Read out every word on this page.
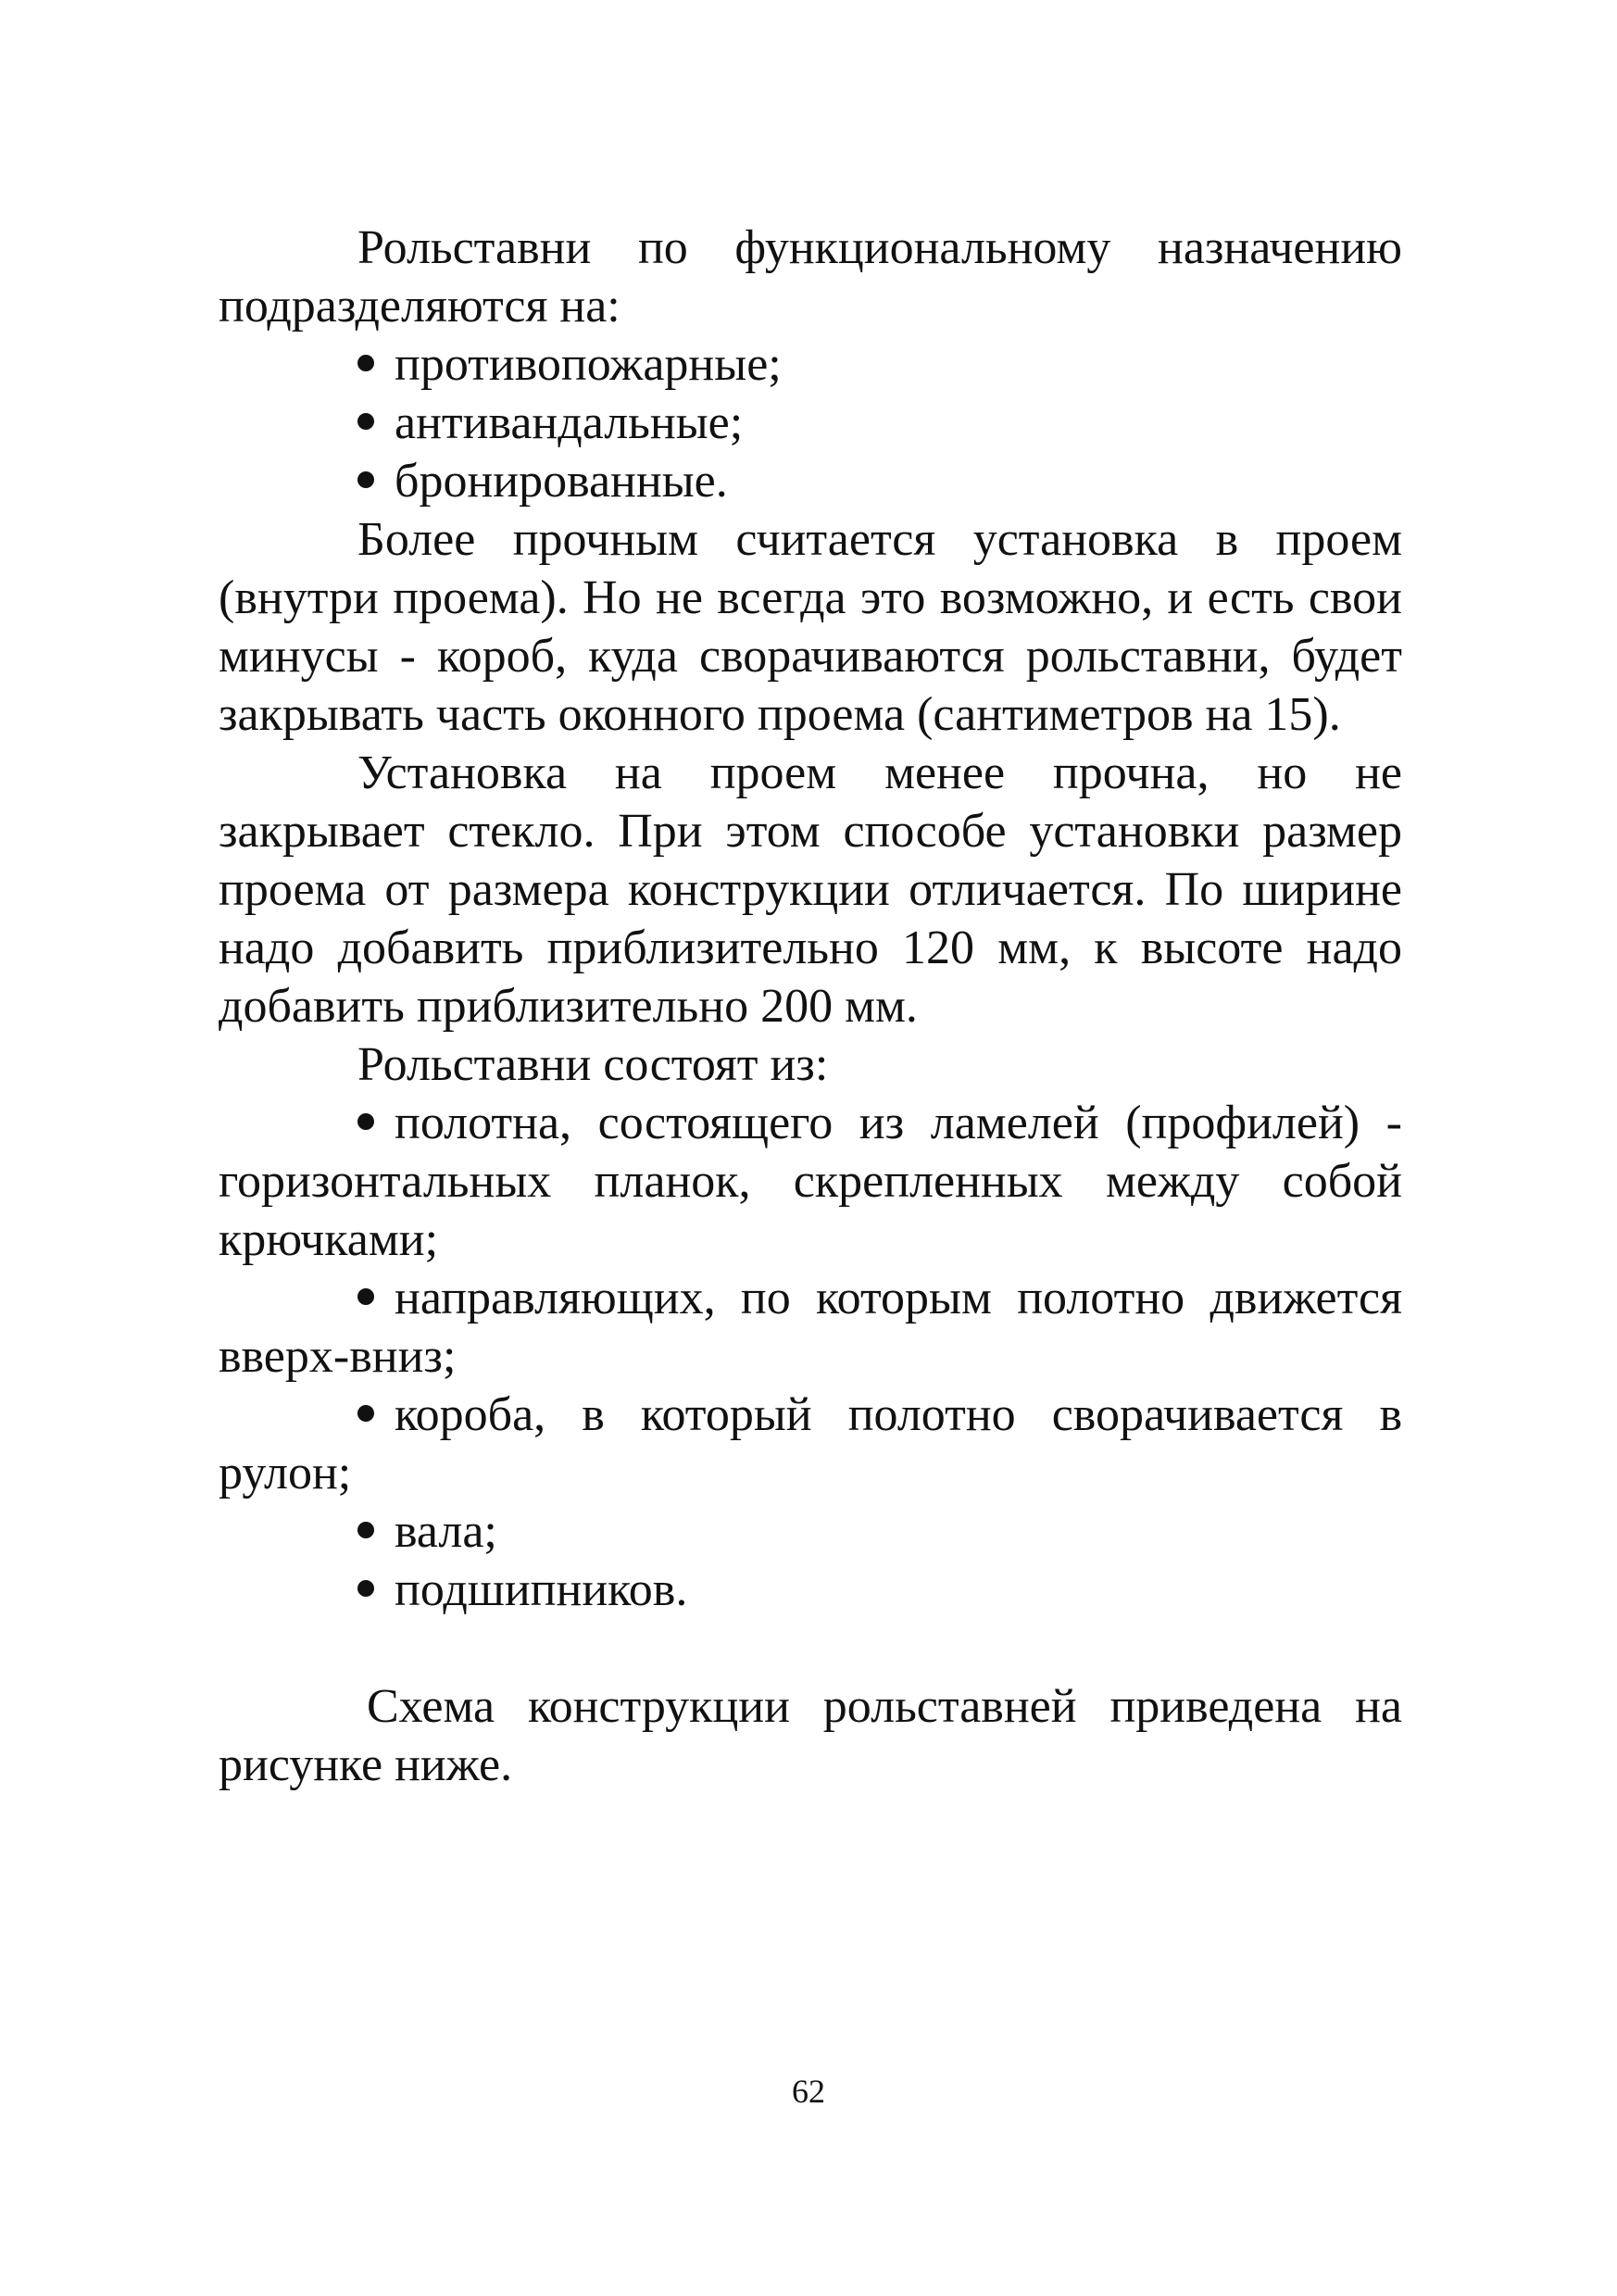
Рольставни по функциональному назначению подразделяются на:

противопожарные;
антивандальные;
бронированные.

Более прочным считается установка в проем (внутри проема). Но не всегда это возможно, и есть свои минусы - короб, куда сворачиваются рольставни, будет закрывать часть оконного проема (сантиметров на 15).

Установка на проем менее прочна, но не закрывает стекло. При этом способе установки размер проема от размера конструкции отличается. По ширине надо добавить приблизительно 120 мм, к высоте надо добавить приблизительно 200 мм.

Рольставни состоят из:

полотна, состоящего из ламелей (профилей) - горизонтальных планок, скрепленных между собой крючками;

направляющих, по которым полотно движется вверх-вниз;

короба, в который полотно сворачивается в рулон;

вала;

подшипников.

Схема конструкции рольставней приведена на рисунке ниже.

62
